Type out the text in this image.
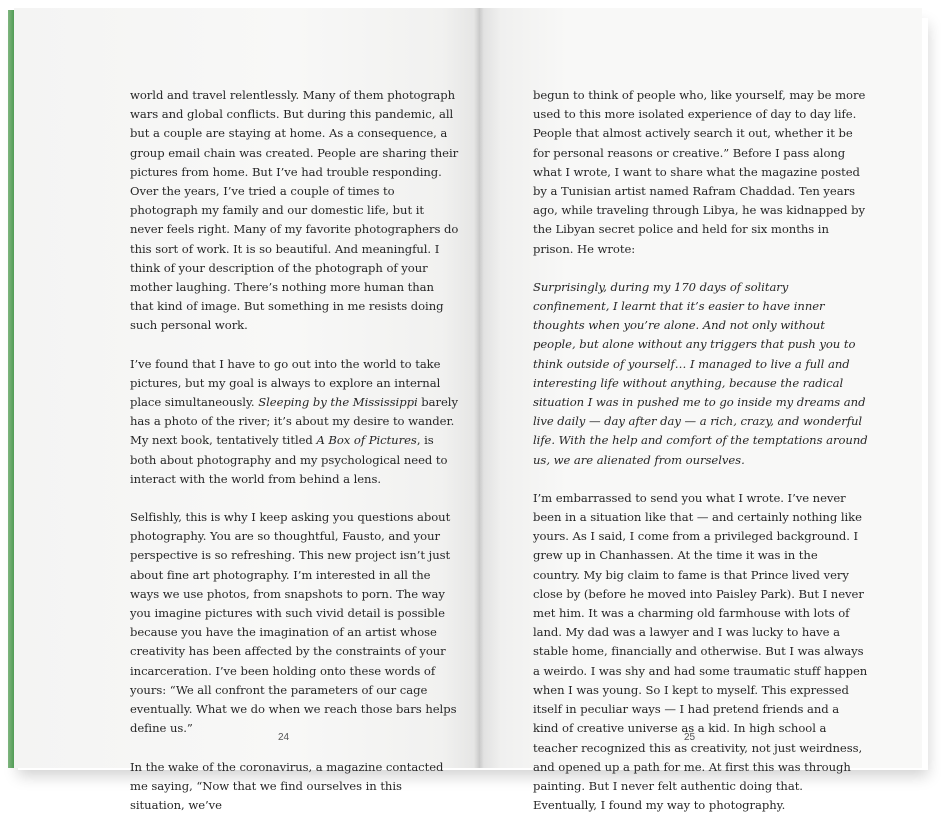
world and travel relentlessly. Many of them photograph wars and global conflicts. But during this pandemic, all but a couple are staying at home. As a consequence, a group email chain was created. People are sharing their pictures from home. But I’ve had trouble responding. Over the years, I’ve tried a couple of times to photograph my family and our domestic life, but it never feels right. Many of my favorite photographers do this sort of work. It is so beautiful. And meaningful. I think of your description of the photograph of your mother laughing. There’s nothing more human than that kind of image. But something in me resists doing such personal work.

I’ve found that I have to go out into the world to take pictures, but my goal is always to explore an internal place simultaneously. Sleeping by the Mississippi barely has a photo of the river; it’s about my desire to wander. My next book, tentatively titled A Box of Pictures, is both about photography and my psychological need to interact with the world from behind a lens.

Selfishly, this is why I keep asking you questions about photography. You are so thoughtful, Fausto, and your perspective is so refreshing. This new project isn’t just about fine art photography. I’m interested in all the ways we use photos, from snapshots to porn. The way you imagine pictures with such vivid detail is possible because you have the imagination of an artist whose creativity has been affected by the constraints of your incarceration. I’ve been holding onto these words of yours: “We all confront the parameters of our cage eventually. What we do when we reach those bars helps define us.”

In the wake of the coronavirus, a magazine contacted me saying, “Now that we find ourselves in this situation, we’ve

24

begun to think of people who, like yourself, may be more used to this more isolated experience of day to day life. People that almost actively search it out, whether it be for personal reasons or creative.” Before I pass along what I wrote, I want to share what the magazine posted by a Tunisian artist named Rafram Chaddad. Ten years ago, while traveling through Libya, he was kidnapped by the Libyan secret police and held for six months in prison. He wrote:

Surprisingly, during my 170 days of solitary confinement, I learnt that it’s easier to have inner thoughts when you’re alone. And not only without people, but alone without any triggers that push you to think outside of yourself… I managed to live a full and interesting life without anything, because the radical situation I was in pushed me to go inside my dreams and live daily — day after day — a rich, crazy, and wonderful life. With the help and comfort of the temptations around us, we are alienated from ourselves.

I’m embarrassed to send you what I wrote. I’ve never been in a situation like that — and certainly nothing like yours. As I said, I come from a privileged background. I grew up in Chanhassen. At the time it was in the country. My big claim to fame is that Prince lived very close by (before he moved into Paisley Park). But I never met him. It was a charming old farmhouse with lots of land. My dad was a lawyer and I was lucky to have a stable home, financially and otherwise. But I was always a weirdo. I was shy and had some traumatic stuff happen when I was young. So I kept to myself. This expressed itself in peculiar ways — I had pretend friends and a kind of creative universe as a kid. In high school a teacher recognized this as creativity, not just weirdness, and opened up a path for me. At first this was through painting. But I never felt authentic doing that. Eventually, I found my way to photography.

25
